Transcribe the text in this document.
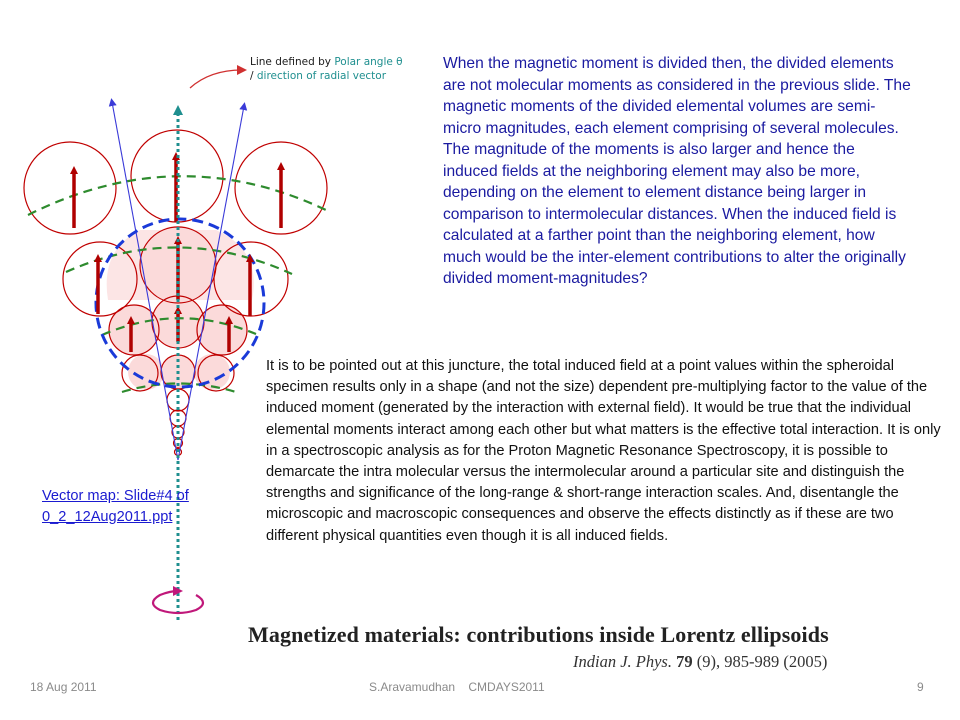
Line defined by Polar angle θ
/ direction of radial vector
When the magnetic moment is divided then, the divided elements are not molecular moments as considered in the previous slide. The magnetic moments of the divided elemental volumes are semi-micro magnitudes, each element comprising of several molecules. The magnitude of the moments is also larger and hence the induced fields at the neighboring element may also be more, depending on the element to element distance being larger in comparison to intermolecular distances. When the induced field is calculated at a farther point than the neighboring element, how much would be the inter-element contributions to alter the originally divided moment-magnitudes?
Vector map: Slide#4 of 0_2_12Aug2011.ppt
It is to be pointed out at this juncture, the total induced field at a point values within the spheroidal specimen results only in a shape (and not the size) dependent pre-multiplying factor to the value of the induced moment (generated by the interaction with external field). It would be true that the individual elemental moments interact among each other but what matters is the effective total interaction. It is only in a spectroscopic analysis as for the Proton Magnetic Resonance Spectroscopy, it is possible to demarcate the intra molecular versus the intermolecular around a particular site and distinguish the strengths and significance of the long-range & short-range interaction scales. And, disentangle the microscopic and macroscopic consequences and observe the effects distinctly as if these are two different physical quantities even though it is all induced fields.
Magnetized materials: contributions inside Lorentz ellipsoids
Indian J. Phys. 79 (9), 985-989 (2005)
18 Aug 2011	S.Aravamudhan    CMDAYS2011	9
